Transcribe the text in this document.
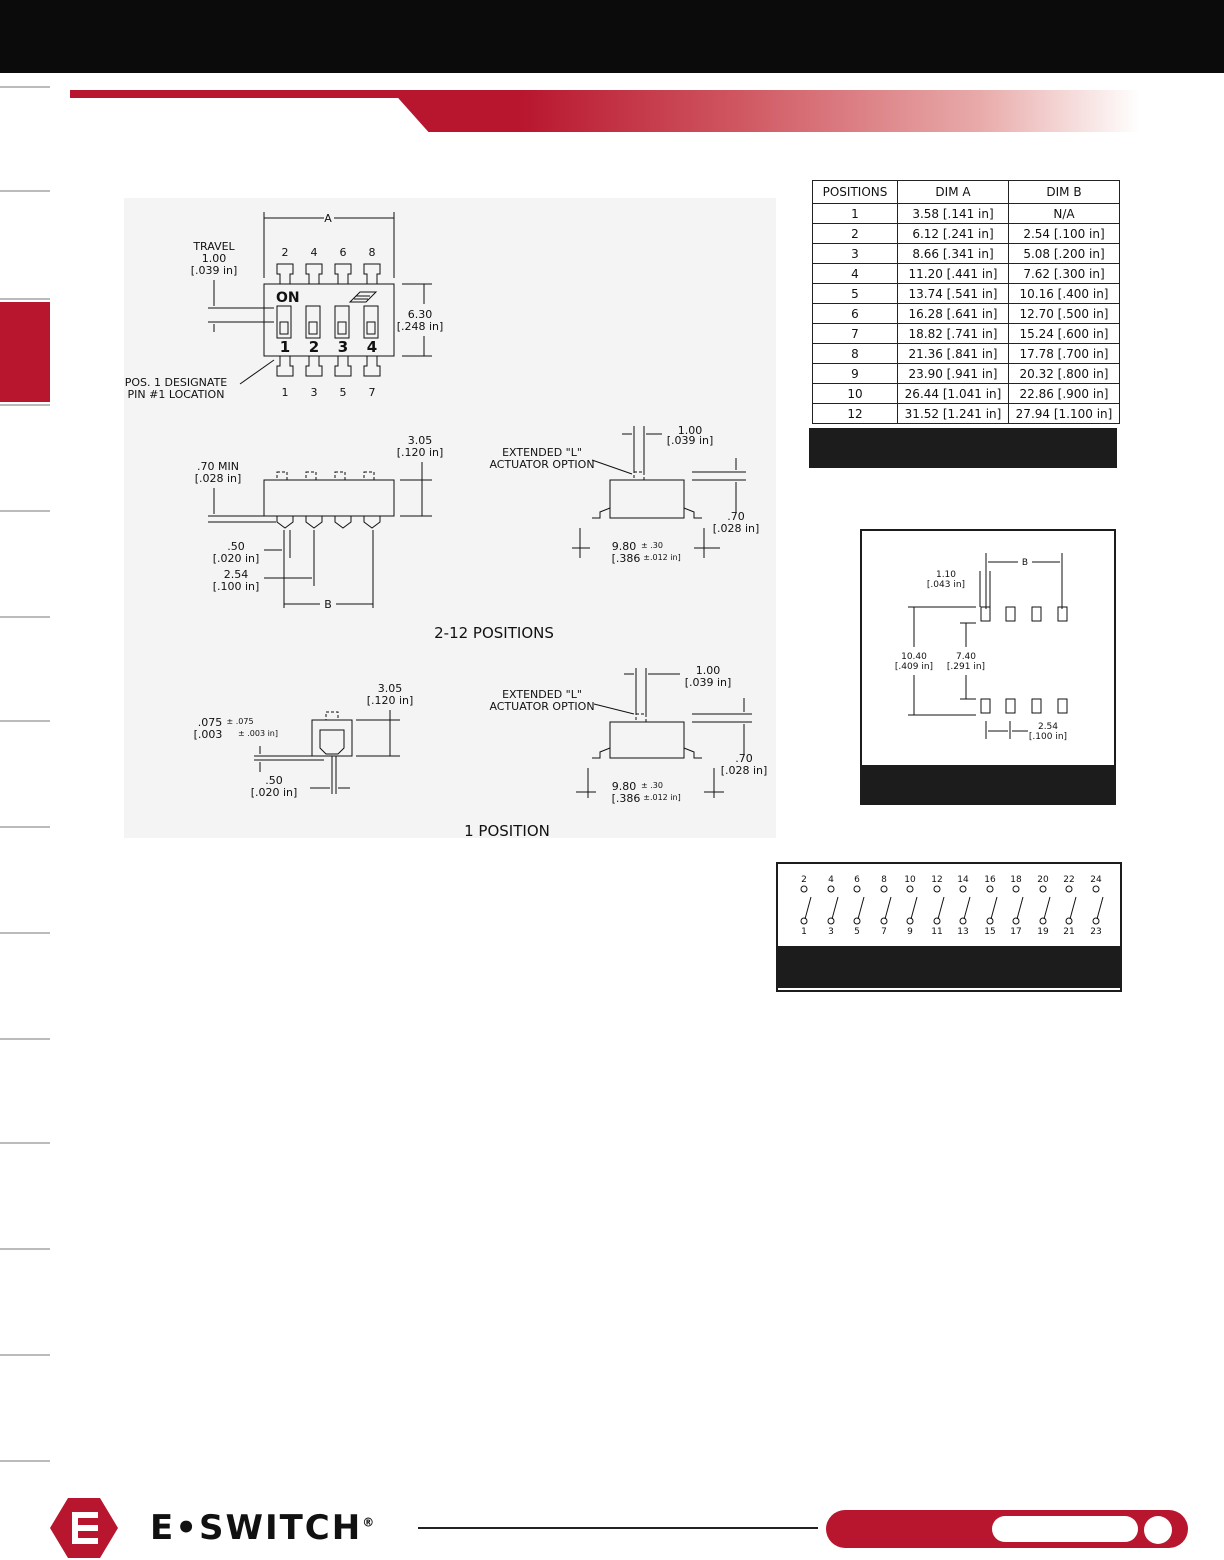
A
2 4 6 8
ON
1 2 3 4
1 3 5 7
TRAVEL
1.00
[.039 in]
6.30
[.248 in]
POS. 1 DESIGNATE
PIN #1 LOCATION
3.05
[.120 in]
.70 MIN
[.028 in]
.50
[.020 in]
2.54
[.100 in]
B
1.00
[.039 in]
EXTENDED "L"
ACTUATOR OPTION
.70
[.028 in]
9.80 ± .30
[.386 ±.012 in]
2-12 POSITIONS
3.05
[.120 in]
.075 ± .075
[.003 ± .003 in]
.50
[.020 in]
1.00
[.039 in]
EXTENDED "L"
ACTUATOR OPTION
.70
[.028 in]
9.80 ± .30
[.386 ±.012 in]
1 POSITION
POSITIONS	DIM A	DIM B
1	3.58 [.141 in]	N/A
2	6.12 [.241 in]	2.54 [.100 in]
3	8.66 [.341 in]	5.08 [.200 in]
4	11.20 [.441 in]	7.62 [.300 in]
5	13.74 [.541 in]	10.16 [.400 in]
6	16.28 [.641 in]	12.70 [.500 in]
7	18.82 [.741 in]	15.24 [.600 in]
8	21.36 [.841 in]	17.78 [.700 in]
9	23.90 [.941 in]	20.32 [.800 in]
10	26.44 [1.041 in]	22.86 [.900 in]
12	31.52 [1.241 in]	27.94 [1.100 in]
B
1.10
[.043 in]
10.40
[.409 in]
7.40
[.291 in]
2.54
[.100 in]
2 4 6 8 10 12 14 16 18 20 22 24
1 3 5 7 9 11 13 15 17 19 21 23
E•SWITCH®
